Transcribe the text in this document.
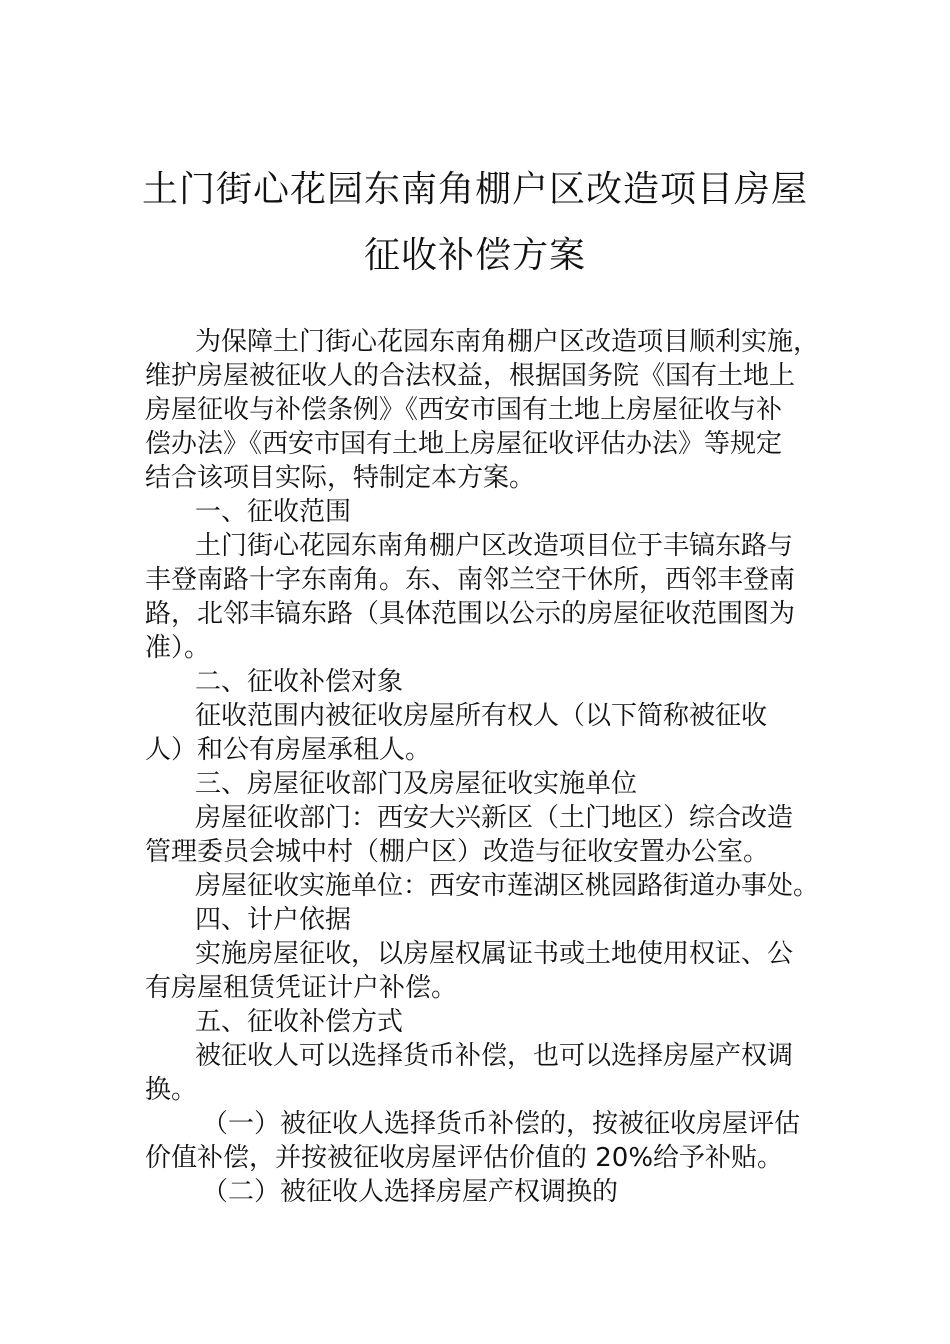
土门街心花园东南角棚户区改造项目房屋
征收补偿方案
为保障土门街心花园东南角棚户区改造项目顺利实施，
维护房屋被征收人的合法权益，根据国务院《国有土地上
房屋征收与补偿条例》《西安市国有土地上房屋征收与补
偿办法》《西安市国有土地上房屋征收评估办法》等规定
结合该项目实际，特制定本方案。
一、征收范围
土门街心花园东南角棚户区改造项目位于丰镐东路与
丰登南路十字东南角。东、南邻兰空干休所，西邻丰登南
路，北邻丰镐东路（具体范围以公示的房屋征收范围图为
准）。
二、征收补偿对象
征收范围内被征收房屋所有权人（以下简称被征收
人）和公有房屋承租人。
三、房屋征收部门及房屋征收实施单位
房屋征收部门：西安大兴新区（土门地区）综合改造
管理委员会城中村（棚户区）改造与征收安置办公室。
房屋征收实施单位：西安市莲湖区桃园路街道办事处。
四、计户依据
实施房屋征收，以房屋权属证书或土地使用权证、公
有房屋租赁凭证计户补偿。
五、征收补偿方式
被征收人可以选择货币补偿，也可以选择房屋产权调
换。
（一）被征收人选择货币补偿的，按被征收房屋评估
价值补偿，并按被征收房屋评估价值的 20%给予补贴。
（二）被征收人选择房屋产权调换的
